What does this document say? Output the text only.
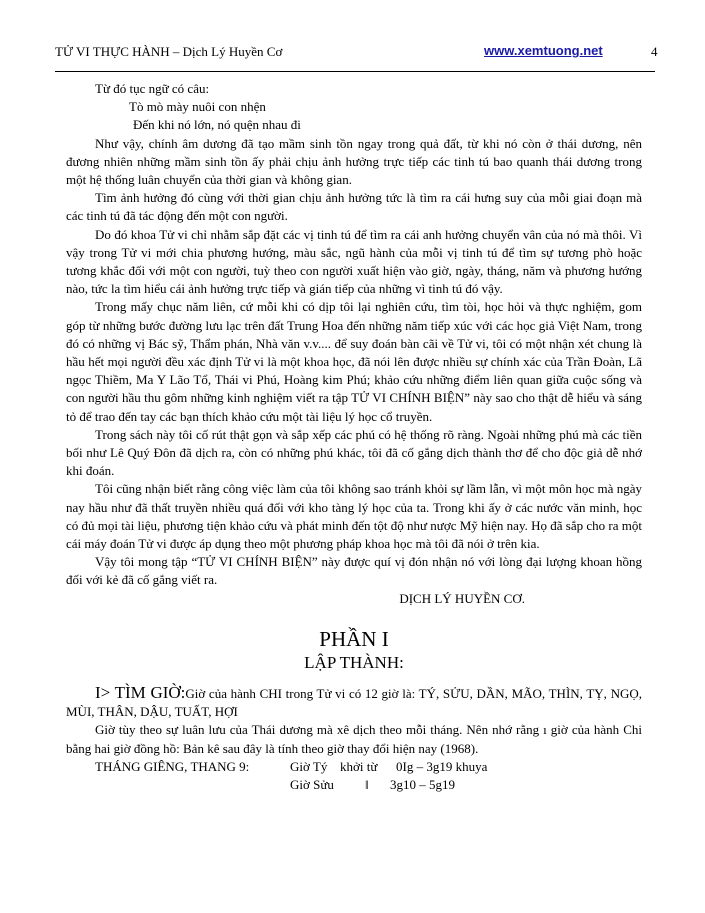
TỬ VI THỰC HÀNH – Dịch Lý Huyền Cơ	www.xemtuong.net	4

Từ đó tục ngữ có câu:

Tò mò mày nuôi con nhện

Đến khi nó lớn, nó quện nhau đi

Như vậy, chính âm dương đã tạo mầm sinh tồn ngay trong quả đất, từ khi nó còn ở thái dương, nên đương nhiên những mầm sinh tồn ấy phải chịu ảnh hưởng trực tiếp các tinh tú bao quanh thái dương trong một hệ thống luân chuyển của thời gian và không gian.

Tìm ảnh hưởng đó cùng với thời gian chịu ảnh hưởng tức là tìm ra cái hưng suy của mỗi giai đoạn mà các tinh tú đã tác động đến một con người.

Do đó khoa Tử vi chỉ nhằm sắp đặt các vị tinh tú để tìm ra cái anh hưởng chuyển vân của nó mà thôi. Vì vậy trong Tử vi mới chia phương hướng, màu sắc, ngũ hành của mỗi vị tinh tú để tìm sự tương phò hoặc tương khắc đối với một con người, tuỳ theo con người xuất hiện vào giờ, ngày, tháng, năm và phương hướng nào, tức la tìm hiểu cái ảnh hưởng trực tiếp và gián tiếp của những vì tinh tú đó vậy.

Trong mấy chục năm liên, cứ mỗi khi có dịp tôi lại nghiên cứu, tìm tòi, học hỏi và thực nghiệm, gom góp từ những bước đường lưu lạc trên đất Trung Hoa đến những năm tiếp xúc với các học giả Việt Nam, trong đó có những vị Bác sỹ, Thẩm phán, Nhà văn v.v.... để suy đoán bàn cãi về Tử vi, tôi có một nhận xét chung là hầu hết mọi người đều xác định Tử vi là một khoa học, đã nói lên được nhiều sự chính xác của Trần Đoàn, Lã ngọc Thiềm, Ma Y Lão Tổ, Thái vi Phú, Hoàng kim Phú; khảo cứu những điểm liên quan giữa cuộc sống và con người hầu thu gôm những kinh nghiệm viết ra tập TỬ VI CHÍNH BIỆN” này sao cho thật dễ hiểu và sáng tỏ để trao đến tay các bạn thích khảo cứu một tài liệu lý học cổ truyền.

Trong sách này tôi cố rút thật gọn và sắp xếp các phú có hệ thống rõ ràng. Ngoài những phú mà các tiền bối như Lê Quý Đôn đã dịch ra, còn có những phú khác, tôi đã cố gắng dịch thành thơ để cho độc giả dễ nhớ khi đoán.

Tôi cũng nhận biết rằng công việc làm của tôi không sao tránh khỏi sự lầm lẫn, vì một môn học mà ngày nay hầu như đã thất truyền nhiều quá đối với kho tàng lý học của ta. Trong khi ấy ở các nước văn minh, học có đủ mọi tài liệu, phương tiện khảo cứu và phát minh đến tột độ như nược Mỹ hiện nay. Họ đã sắp cho ra một cái máy đoán Tử vi được áp dụng theo một phương pháp khoa học mà tôi đã nói ở trên kia.

Vậy tôi mong tập “TỬ VI CHÍNH BIỆN” này được quí vị đón nhận nó với lòng đại lượng khoan hồng đối với kẻ đã cố gắng viết ra.

DỊCH LÝ HUYỀN CƠ.

PHẦN I

LẬP THÀNH:

I> TÌM GIỜ:Giờ của hành CHI trong Tử vi có 12 giờ là: TÝ, SỬU, DẦN, MÃO, THÌN, TỴ, NGỌ, MÙI, THÂN, DẬU, TUẤT, HỢI

Giờ tùy theo sự luân lưu của Thái dương mà xê dịch theo mỗi tháng. Nên nhớ rằng ı giờ của hành Chi bằng hai giờ đồng hồ: Bản kê sau đây là tính theo giờ thay đổi hiện nay (1968).

THÁNG GIÊNG, THANG 9:	Giờ Tý khởi từ 0Ig – 3g19 khuya
Giờ Sửu ‖ 3g10 – 5g19
